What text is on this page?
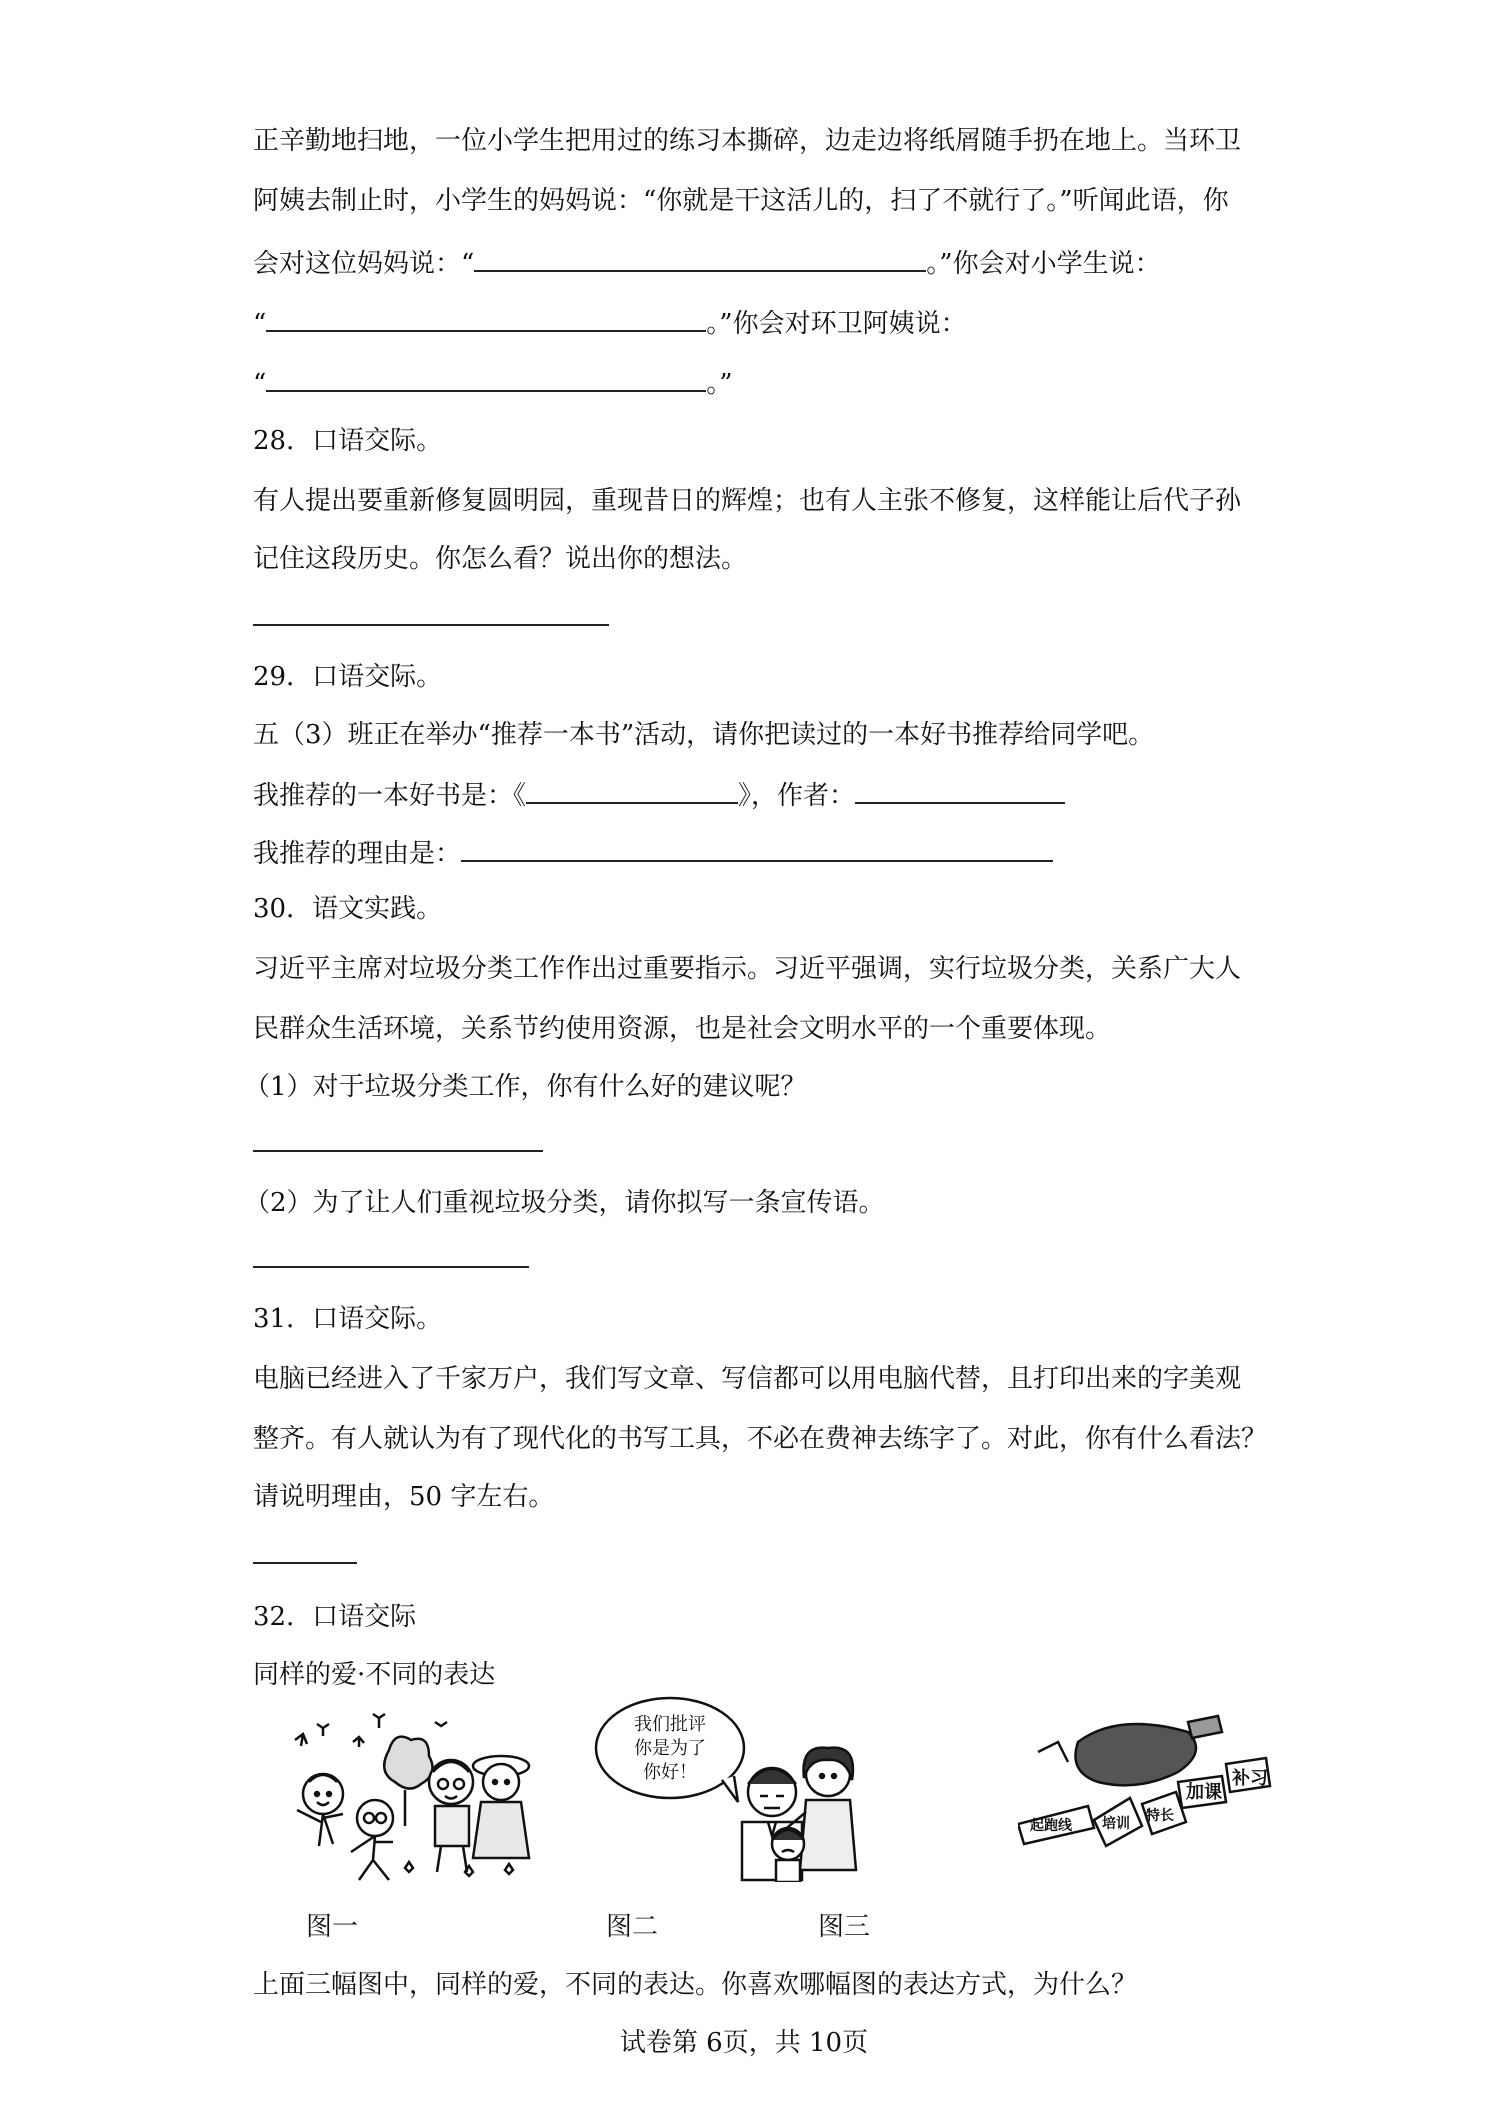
正辛勤地扫地，一位小学生把用过的练习本撕碎，边走边将纸屑随手扔在地上。当环卫
阿姨去制止时，小学生的妈妈说：“你就是干这活儿的，扫了不就行了。”听闻此语，你
会对这位妈妈说：“	。”你会对小学生说：
“	。”你会对环卫阿姨说：
“	。”
28．口语交际。
有人提出要重新修复圆明园，重现昔日的辉煌；也有人主张不修复，这样能让后代子孙
记住这段历史。你怎么看？说出你的想法。
29．口语交际。
五（3）班正在举办“推荐一本书”活动，请你把读过的一本好书推荐给同学吧。
我推荐的一本好书是：《	》，作者：
我推荐的理由是：
30．语文实践。
习近平主席对垃圾分类工作作出过重要指示。习近平强调，实行垃圾分类，关系广大人
民群众生活环境，关系节约使用资源，也是社会文明水平的一个重要体现。
（1）对于垃圾分类工作，你有什么好的建议呢？
（2）为了让人们重视垃圾分类，请你拟写一条宣传语。
31．口语交际。
电脑已经进入了千家万户，我们写文章、写信都可以用电脑代替，且打印出来的字美观
整齐。有人就认为有了现代化的书写工具，不必在费神去练字了。对此，你有什么看法？
请说明理由，50 字左右。
32．口语交际
同样的爱·不同的表达
我们批评
你是为了
你好！
起跑线
加课
补习
特长
培训
图一	图二	图三
上面三幅图中，同样的爱，不同的表达。你喜欢哪幅图的表达方式，为什么？
试卷第 6页，共 10页
